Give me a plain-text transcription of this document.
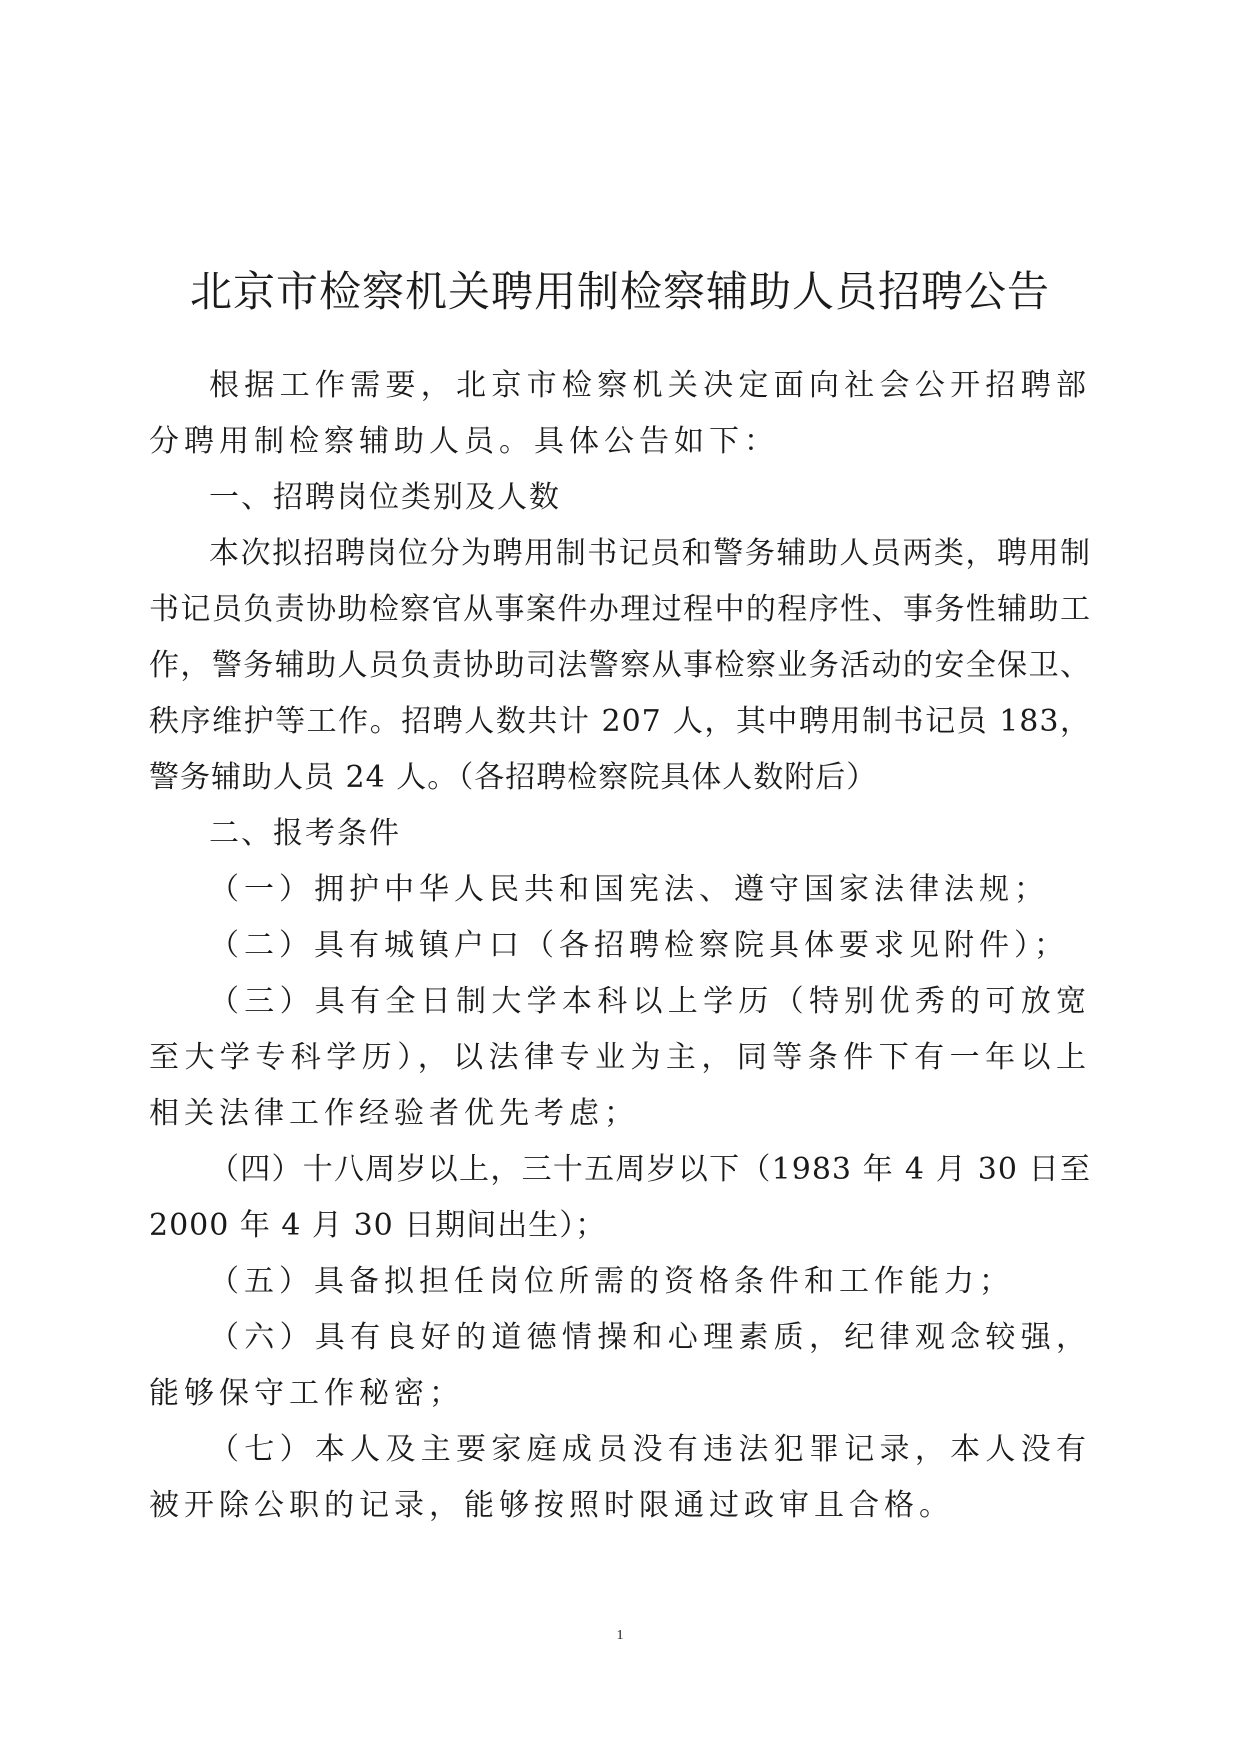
北京市检察机关聘用制检察辅助人员招聘公告

根据工作需要，北京市检察机关决定面向社会公开招聘部分聘用制检察辅助人员。具体公告如下：

一、招聘岗位类别及人数

本次拟招聘岗位分为聘用制书记员和警务辅助人员两类，聘用制书记员负责协助检察官从事案件办理过程中的程序性、事务性辅助工作，警务辅助人员负责协助司法警察从事检察业务活动的安全保卫、秩序维护等工作。招聘人数共计 207 人，其中聘用制书记员 183，警务辅助人员 24 人。（各招聘检察院具体人数附后）

二、报考条件

（一）拥护中华人民共和国宪法、遵守国家法律法规；

（二）具有城镇户口（各招聘检察院具体要求见附件）；

（三）具有全日制大学本科以上学历（特别优秀的可放宽至大学专科学历），以法律专业为主，同等条件下有一年以上相关法律工作经验者优先考虑；

（四）十八周岁以上，三十五周岁以下（1983 年 4 月 30 日至 2000 年 4 月 30 日期间出生）；

（五）具备拟担任岗位所需的资格条件和工作能力；

（六）具有良好的道德情操和心理素质，纪律观念较强，能够保守工作秘密；

（七）本人及主要家庭成员没有违法犯罪记录，本人没有被开除公职的记录，能够按照时限通过政审且合格。

1
